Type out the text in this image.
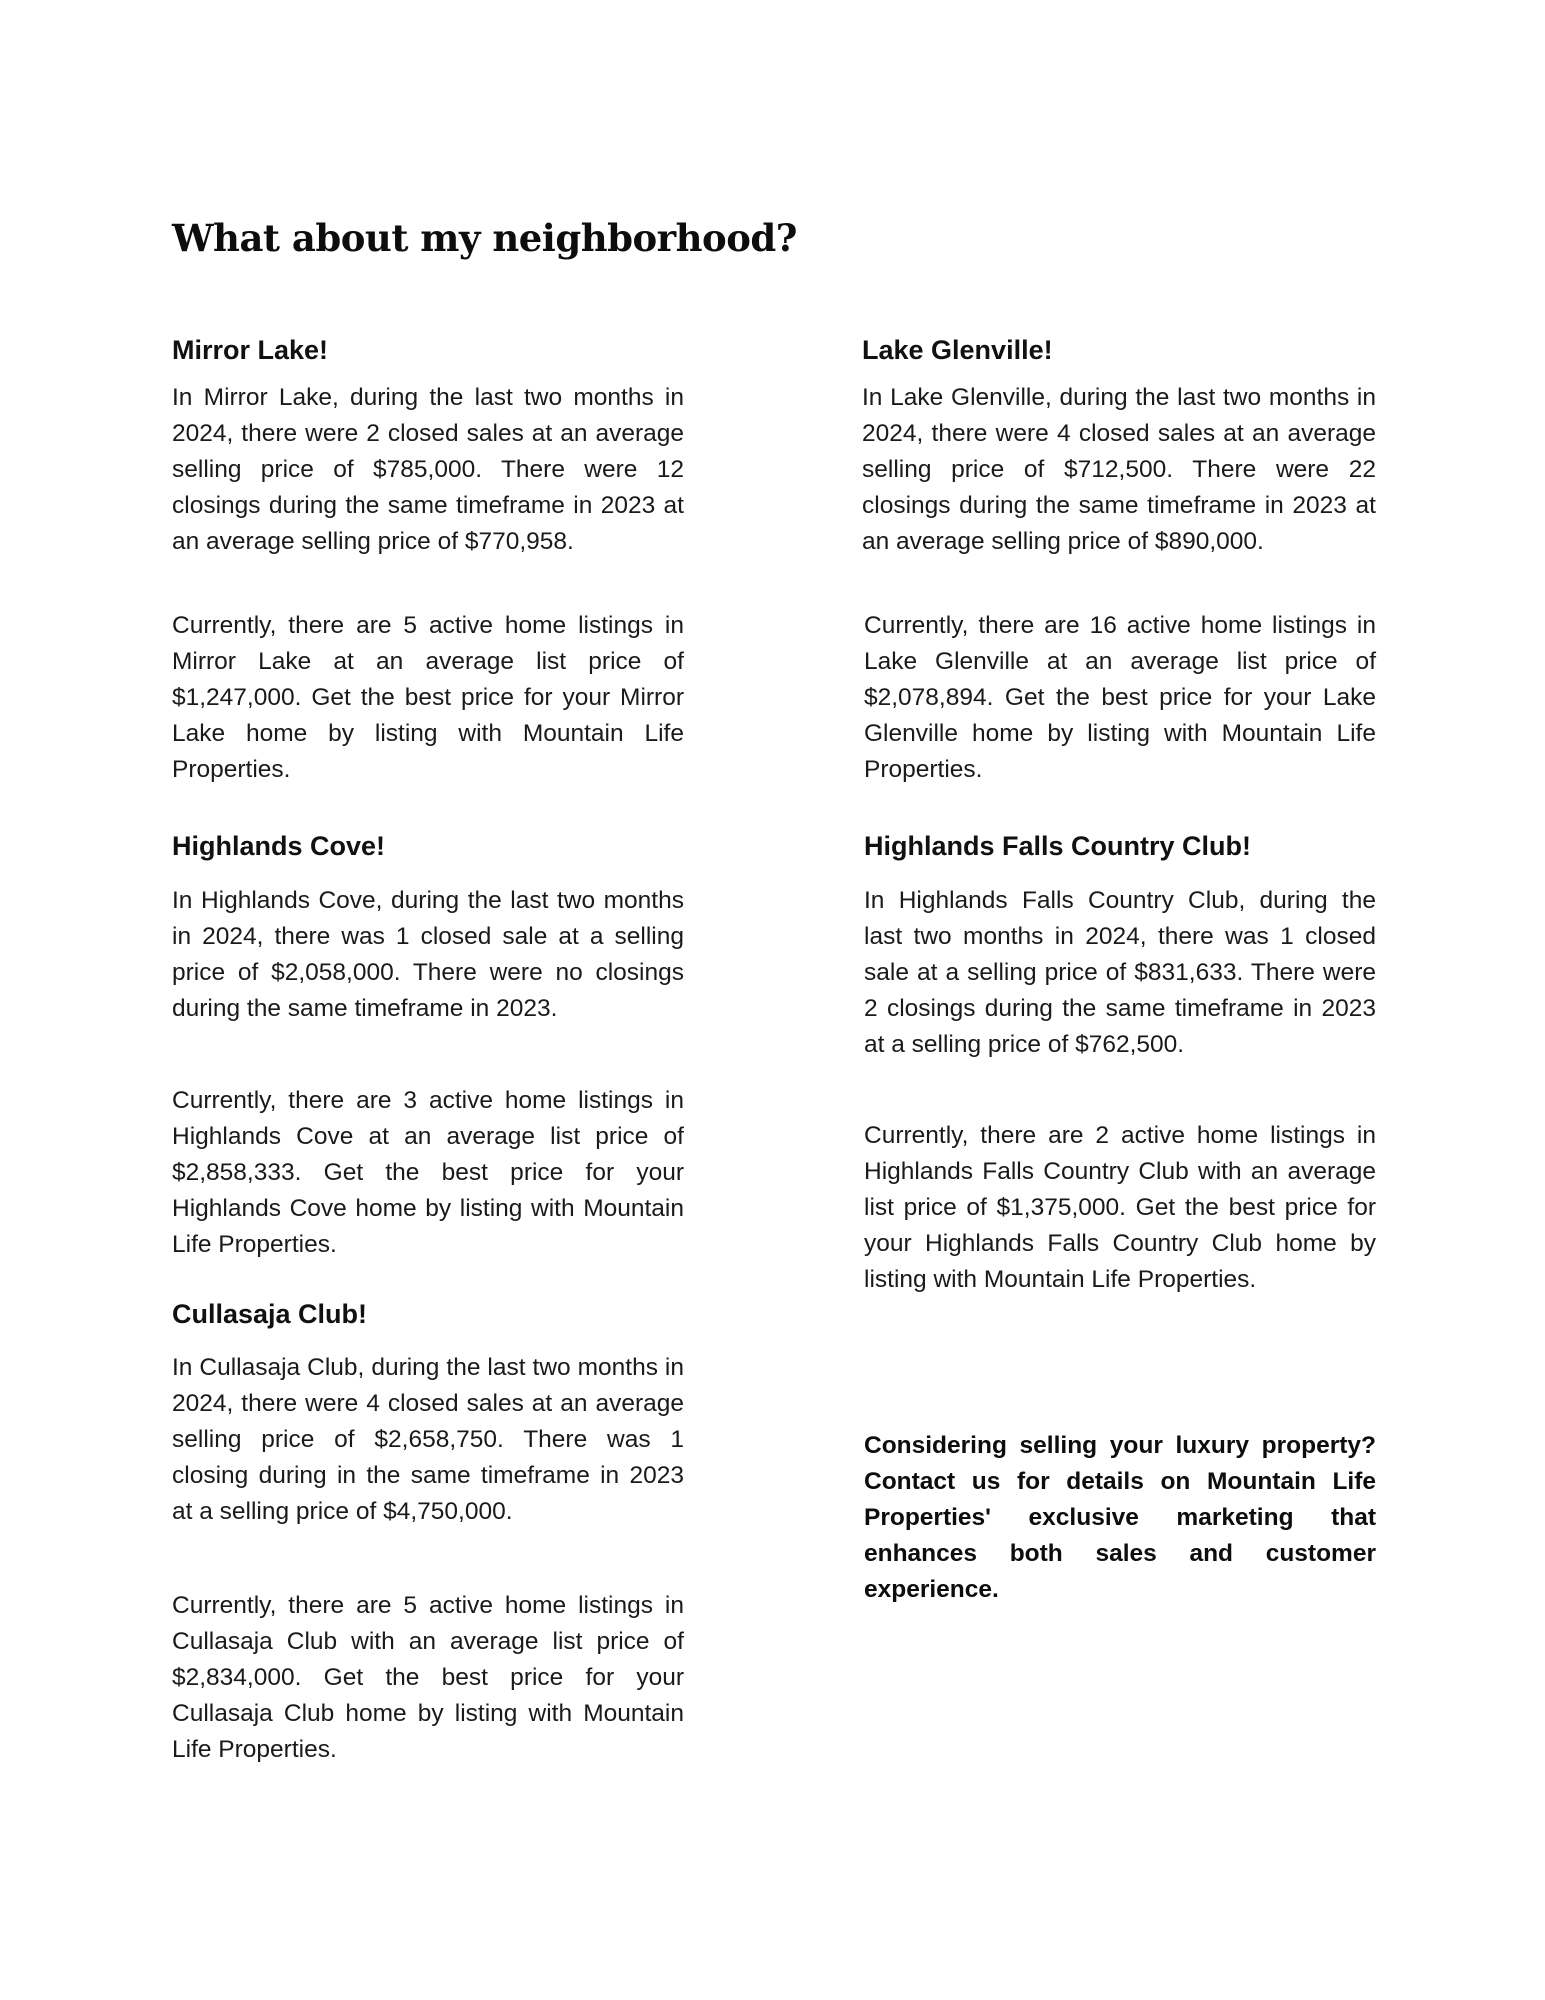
What about my neighborhood?
Mirror Lake!

In Mirror Lake, during the last two months in 2024, there were 2 closed sales at an average selling price of $785,000. There were 12 closings during the same timeframe in 2023 at an average selling price of $770,958.

Currently, there are 5 active home listings in Mirror Lake at an average list price of $1,247,000. Get the best price for your Mirror Lake home by listing with Mountain Life Properties.

Highlands Cove!

In Highlands Cove, during the last two months in 2024, there was 1 closed sale at a selling price of $2,058,000. There were no closings during the same timeframe in 2023.

Currently, there are 3 active home listings in Highlands Cove at an average list price of $2,858,333. Get the best price for your Highlands Cove home by listing with Mountain Life Properties.

Cullasaja Club!

In Cullasaja Club, during the last two months in 2024, there were 4 closed sales at an average selling price of $2,658,750. There was 1 closing during in the same timeframe in 2023 at a selling price of $4,750,000.

Currently, there are 5 active home listings in Cullasaja Club with an average list price of $2,834,000. Get the best price for your Cullasaja Club home by listing with Mountain Life Properties.

Lake Glenville!

In Lake Glenville, during the last two months in 2024, there were 4 closed sales at an average selling price of $712,500. There were 22 closings during the same timeframe in 2023 at an average selling price of $890,000.

Currently, there are 16 active home listings in Lake Glenville at an average list price of $2,078,894. Get the best price for your Lake Glenville home by listing with Mountain Life Properties.

Highlands Falls Country Club!

In Highlands Falls Country Club, during the last two months in 2024, there was 1 closed sale at a selling price of $831,633. There were 2 closings during the same timeframe in 2023 at a selling price of $762,500.

Currently, there are 2 active home listings in Highlands Falls Country Club with an average list price of $1,375,000. Get the best price for your Highlands Falls Country Club home by listing with Mountain Life Properties.

Considering selling your luxury property? Contact us for details on Mountain Life Properties' exclusive marketing that enhances both sales and customer experience.
